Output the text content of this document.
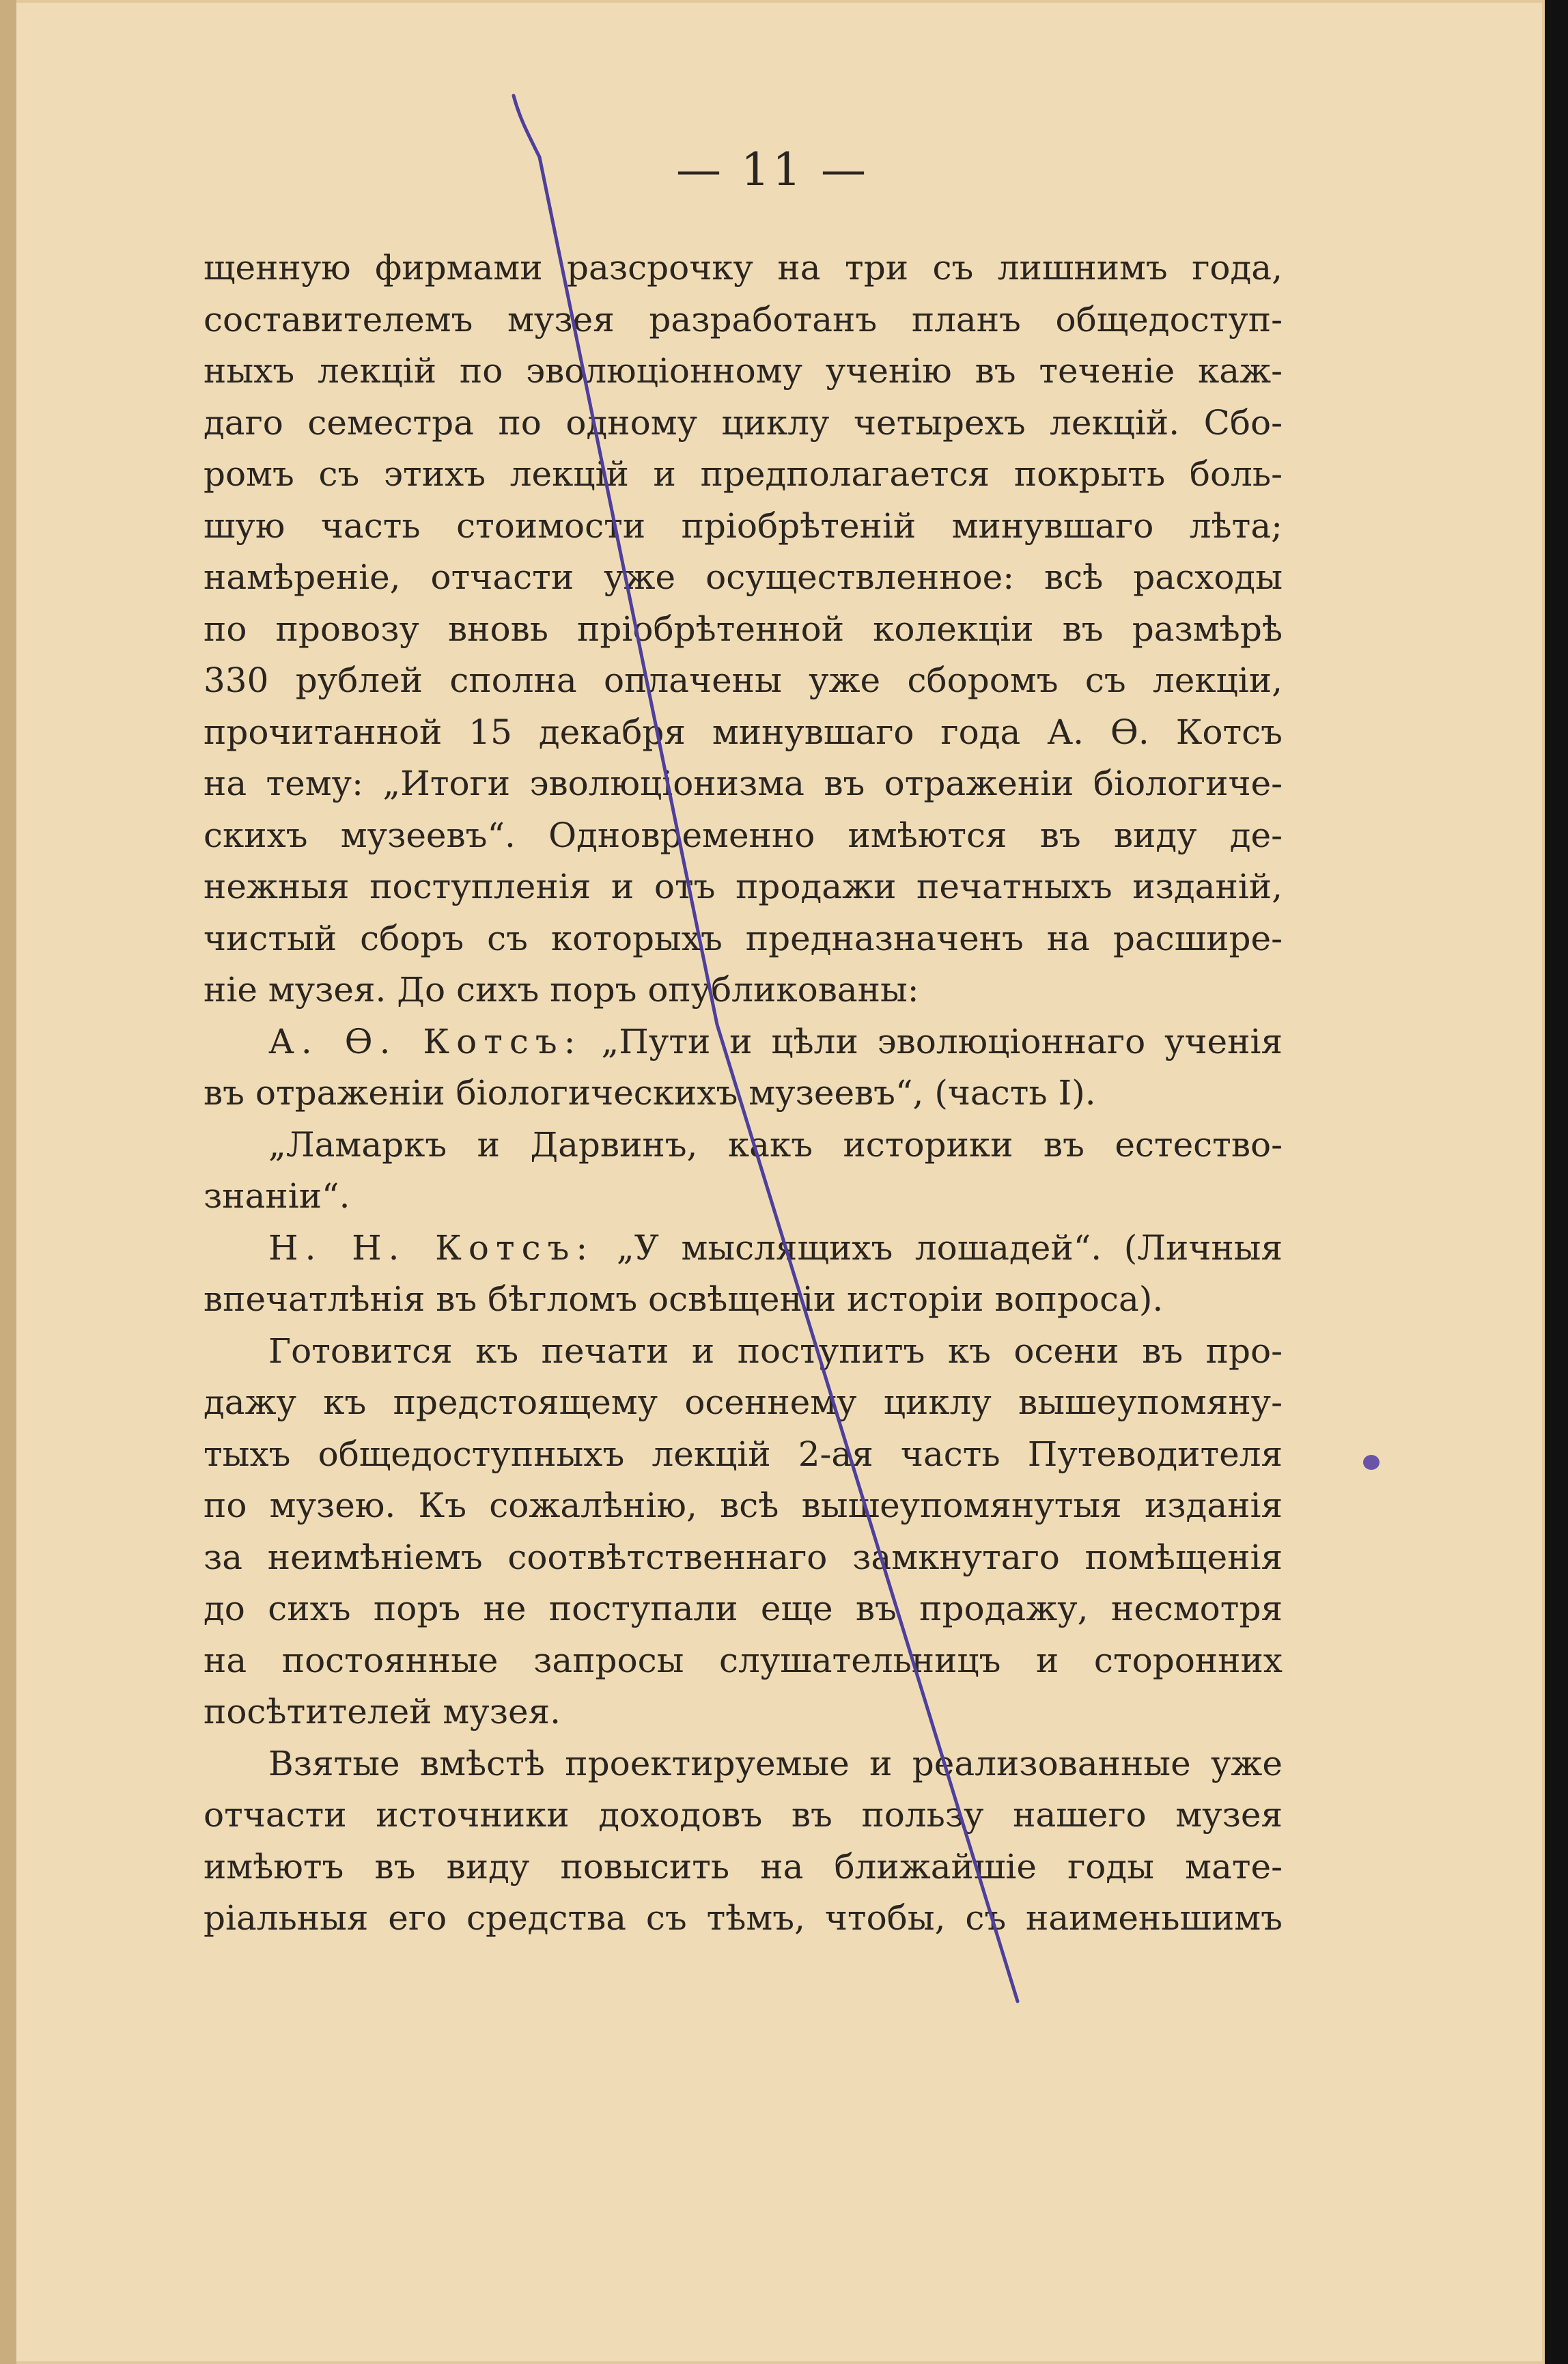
— 11 —
щенную фирмами разсрочку на три съ лишнимъ года,
составителемъ музея разработанъ планъ общедоступ-
ныхъ лекцій по эволюціонному ученію въ теченіе каж-
даго семестра по одному циклу четырехъ лекцій. Сбо-
ромъ съ этихъ лекцій и предполагается покрыть боль-
шую часть стоимости пріобрѣтеній минувшаго лѣта;
намѣреніе, отчасти уже осуществленное: всѣ расходы
по провозу вновь пріобрѣтенной колекціи въ размѣрѣ
330 рублей сполна оплачены уже сборомъ съ лекціи,
прочитанной 15 декабря минувшаго года А. Ѳ. Котсъ
на тему: „Итоги эволюціонизма въ отраженіи біологиче-
скихъ музеевъ“. Одновременно имѣются въ виду де-
нежныя поступленія и отъ продажи печатныхъ изданій,
чистый сборъ съ которыхъ предназначенъ на расшире-
ніе музея. До сихъ поръ опубликованы:
А. Ѳ. Котсъ: „Пути и цѣли эволюціоннаго ученія
въ отраженіи біологическихъ музеевъ“, (часть I).
„Ламаркъ и Дарвинъ, какъ историки въ естество-
знаніи“.
Н. Н. Котсъ: „У мыслящихъ лошадей“. (Личныя
впечатлѣнія въ бѣгломъ освѣщеніи исторіи вопроса).
Готовится къ печати и поступитъ къ осени въ про-
дажу къ предстоящему осеннему циклу вышеупомяну-
тыхъ общедоступныхъ лекцій 2-ая часть Путеводителя
по музею. Къ сожалѣнію, всѣ вышеупомянутыя изданія
за неимѣніемъ соотвѣтственнаго замкнутаго помѣщенія
до сихъ поръ не поступали еще въ продажу, несмотря
на постоянные запросы слушательницъ и сторонних
посѣтителей музея.
Взятые вмѣстѣ проектируемые и реализованные уже
отчасти источники доходовъ въ пользу нашего музея
имѣютъ въ виду повысить на ближайшіе годы мате-
ріальныя его средства съ тѣмъ, чтобы, съ наименьшимъ
